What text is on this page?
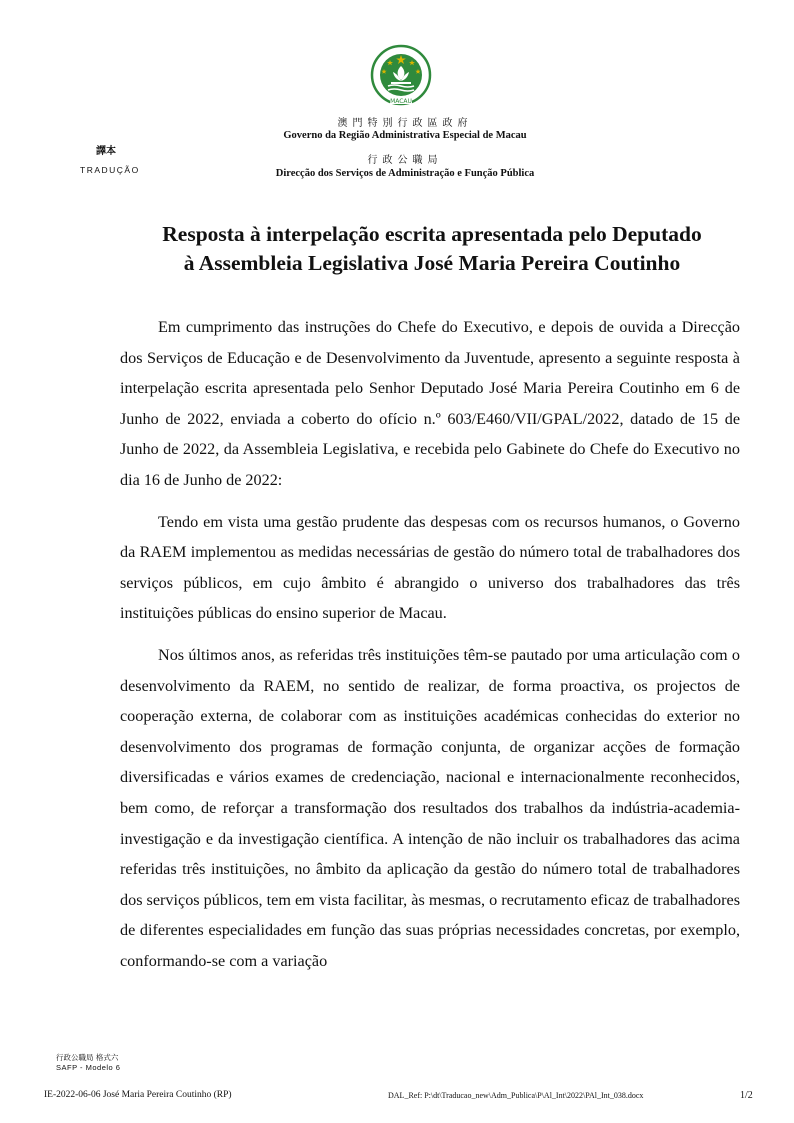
MACAU
澳門特別行政區政府
Governo da Região Administrativa Especial de Macau
行政公職局
Direcção dos Serviços de Administração e Função Pública
譯本
TRADUÇÃO
Resposta à interpelação escrita apresentada pelo Deputado
à Assembleia Legislativa José Maria Pereira Coutinho

Em cumprimento das instruções do Chefe do Executivo, e depois de ouvida a Direcção dos Serviços de Educação e de Desenvolvimento da Juventude, apresento a seguinte resposta à interpelação escrita apresentada pelo Senhor Deputado José Maria Pereira Coutinho em 6 de Junho de 2022, enviada a coberto do ofício n.º 603/E460/VII/GPAL/2022, datado de 15 de Junho de 2022, da Assembleia Legislativa, e recebida pelo Gabinete do Chefe do Executivo no dia 16 de Junho de 2022:

Tendo em vista uma gestão prudente das despesas com os recursos humanos, o Governo da RAEM implementou as medidas necessárias de gestão do número total de trabalhadores dos serviços públicos, em cujo âmbito é abrangido o universo dos trabalhadores das três instituições públicas do ensino superior de Macau.

Nos últimos anos, as referidas três instituições têm-se pautado por uma articulação com o desenvolvimento da RAEM, no sentido de realizar, de forma proactiva, os projectos de cooperação externa, de colaborar com as instituições académicas conhecidas do exterior no desenvolvimento dos programas de formação conjunta, de organizar acções de formação diversificadas e vários exames de credenciação, nacional e internacionalmente reconhecidos, bem como, de reforçar a transformação dos resultados dos trabalhos da indústria-academia-investigação e da investigação científica. A intenção de não incluir os trabalhadores das acima referidas três instituições, no âmbito da aplicação da gestão do número total de trabalhadores dos serviços públicos, tem em vista facilitar, às mesmas, o recrutamento eficaz de trabalhadores de diferentes especialidades em função das suas próprias necessidades concretas, por exemplo, conformando-se com a variação

行政公職局 格式六
SAFP - Modelo 6
IE-2022-06-06 José Maria Pereira Coutinho (RP)	DAL_Ref: P:\dt\Traducao_new\Adm_Publica\P\Al_Int\2022\PAl_Int_038.docx	1/2
